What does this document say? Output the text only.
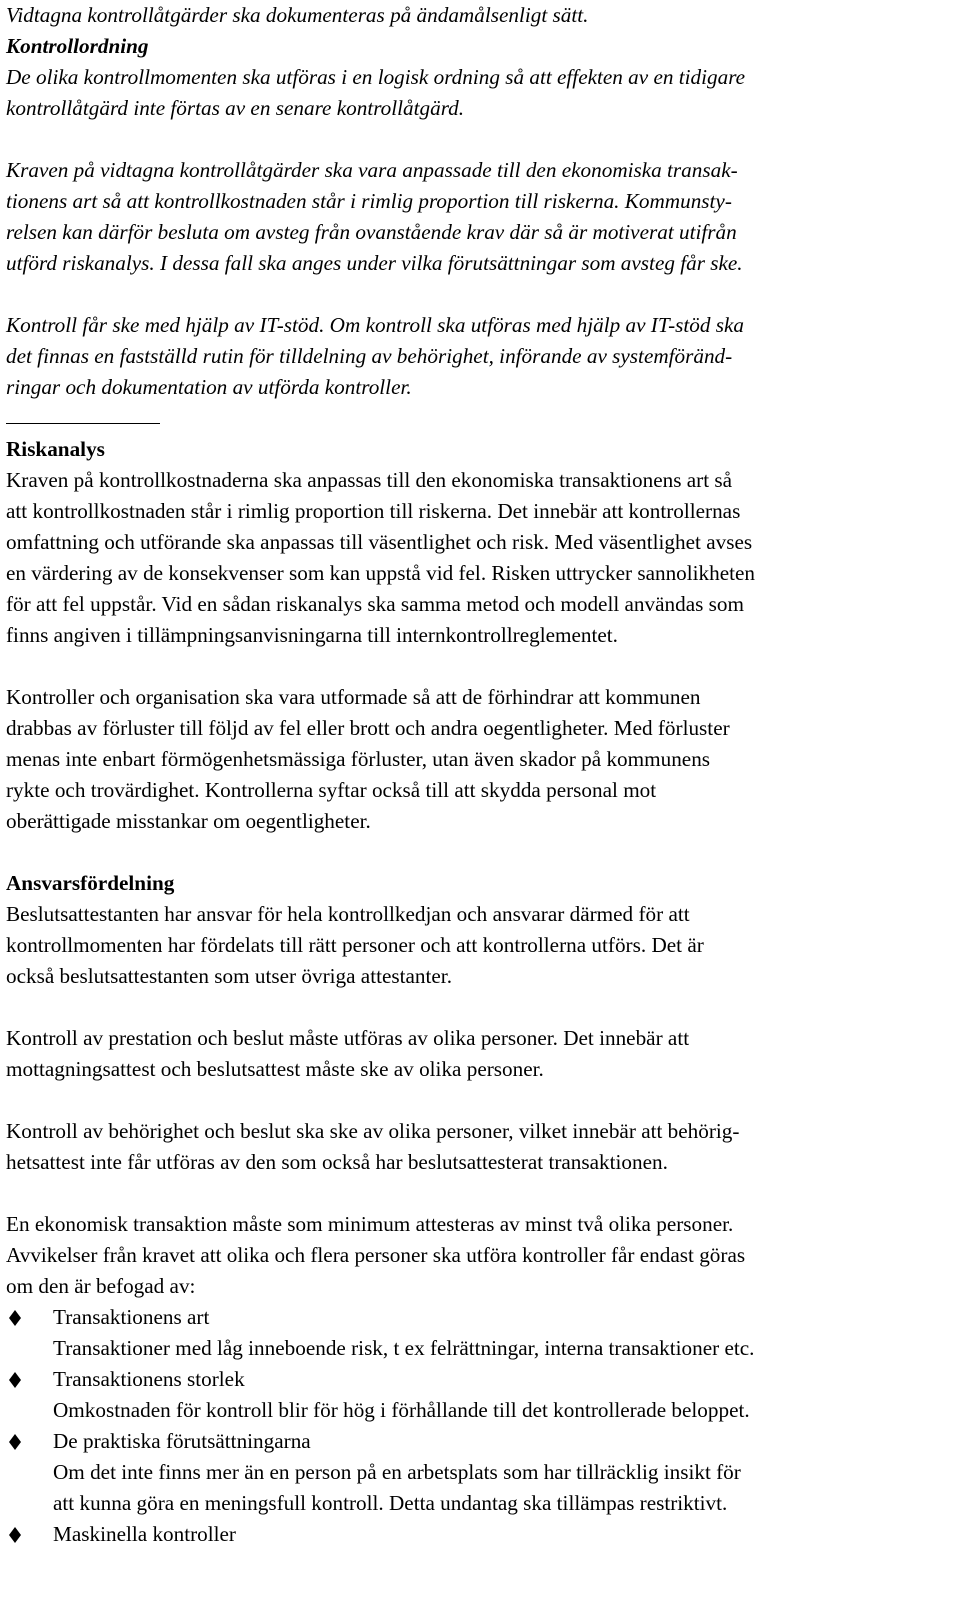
Vidtagna kontrollåtgärder ska dokumenteras på ändamålsenligt sätt.
Kontrollordning
De olika kontrollmomenten ska utföras i en logisk ordning så att effekten av en tidigare
kontrollåtgärd inte förtas av en senare kontrollåtgärd.
Kraven på vidtagna kontrollåtgärder ska vara anpassade till den ekonomiska transak-
tionens art så att kontrollkostnaden står i rimlig proportion till riskerna. Kommunsty-
relsen kan därför besluta om avsteg från ovanstående krav där så är motiverat utifrån
utförd riskanalys. I dessa fall ska anges under vilka förutsättningar som avsteg får ske.
Kontroll får ske med hjälp av IT-stöd. Om kontroll ska utföras med hjälp av IT-stöd ska
det finnas en fastställd rutin för tilldelning av behörighet, införande av systemföränd-
ringar och dokumentation av utförda kontroller.
Riskanalys
Kraven på kontrollkostnaderna ska anpassas till den ekonomiska transaktionens art så
att kontrollkostnaden står i rimlig proportion till riskerna. Det innebär att kontrollernas
omfattning och utförande ska anpassas till väsentlighet och risk. Med väsentlighet avses
en värdering av de konsekvenser som kan uppstå vid fel. Risken uttrycker sannolikheten
för att fel uppstår. Vid en sådan riskanalys ska samma metod och modell användas som
finns angiven i tillämpningsanvisningarna till internkontrollreglementet.
Kontroller och organisation ska vara utformade så att de förhindrar att kommunen
drabbas av förluster till följd av fel eller brott och andra oegentligheter. Med förluster
menas inte enbart förmögenhetsmässiga förluster, utan även skador på kommunens
rykte och trovärdighet. Kontrollerna syftar också till att skydda personal mot
oberättigade misstankar om oegentligheter.
Ansvarsfördelning
Beslutsattestanten har ansvar för hela kontrollkedjan och ansvarar därmed för att
kontrollmomenten har fördelats till rätt personer och att kontrollerna utförs. Det är
också beslutsattestanten som utser övriga attestanter.
Kontroll av prestation och beslut måste utföras av olika personer. Det innebär att
mottagningsattest och beslutsattest måste ske av olika personer.
Kontroll av behörighet och beslut ska ske av olika personer, vilket innebär att behörig-
hetsattest inte får utföras av den som också har beslutsattesterat transaktionen.
En ekonomisk transaktion måste som minimum attesteras av minst två olika personer.
Avvikelser från kravet att olika och flera personer ska utföra kontroller får endast göras
om den är befogad av:
Transaktionens art
Transaktioner med låg inneboende risk, t ex felrättningar, interna transaktioner etc.
Transaktionens storlek
Omkostnaden för kontroll blir för hög i förhållande till det kontrollerade beloppet.
De praktiska förutsättningarna
Om det inte finns mer än en person på en arbetsplats som har tillräcklig insikt för
att kunna göra en meningsfull kontroll. Detta undantag ska tillämpas restriktivt.
Maskinella kontroller
